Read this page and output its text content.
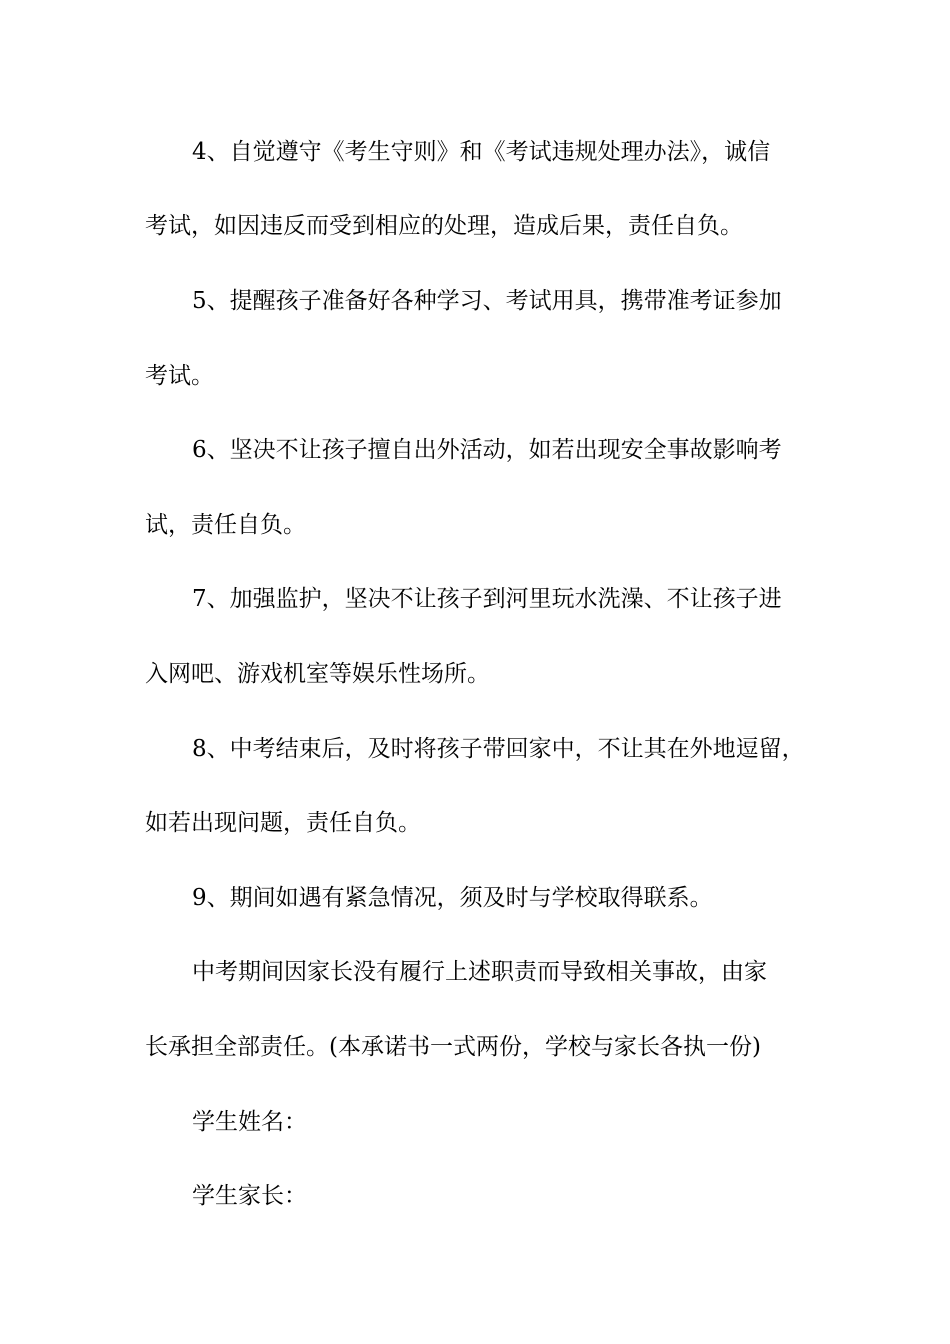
4、自觉遵守《考生守则》和《考试违规处理办法》，诚信
考试，如因违反而受到相应的处理，造成后果，责任自负。
5、提醒孩子准备好各种学习、考试用具，携带准考证参加
考试。
6、坚决不让孩子擅自出外活动，如若出现安全事故影响考
试，责任自负。
7、加强监护，坚决不让孩子到河里玩水洗澡、不让孩子进
入网吧、游戏机室等娱乐性场所。
8、中考结束后，及时将孩子带回家中，不让其在外地逗留，
如若出现问题，责任自负。
9、期间如遇有紧急情况，须及时与学校取得联系。
中考期间因家长没有履行上述职责而导致相关事故，由家
长承担全部责任。(本承诺书一式两份，学校与家长各执一份)
学生姓名：
学生家长：
